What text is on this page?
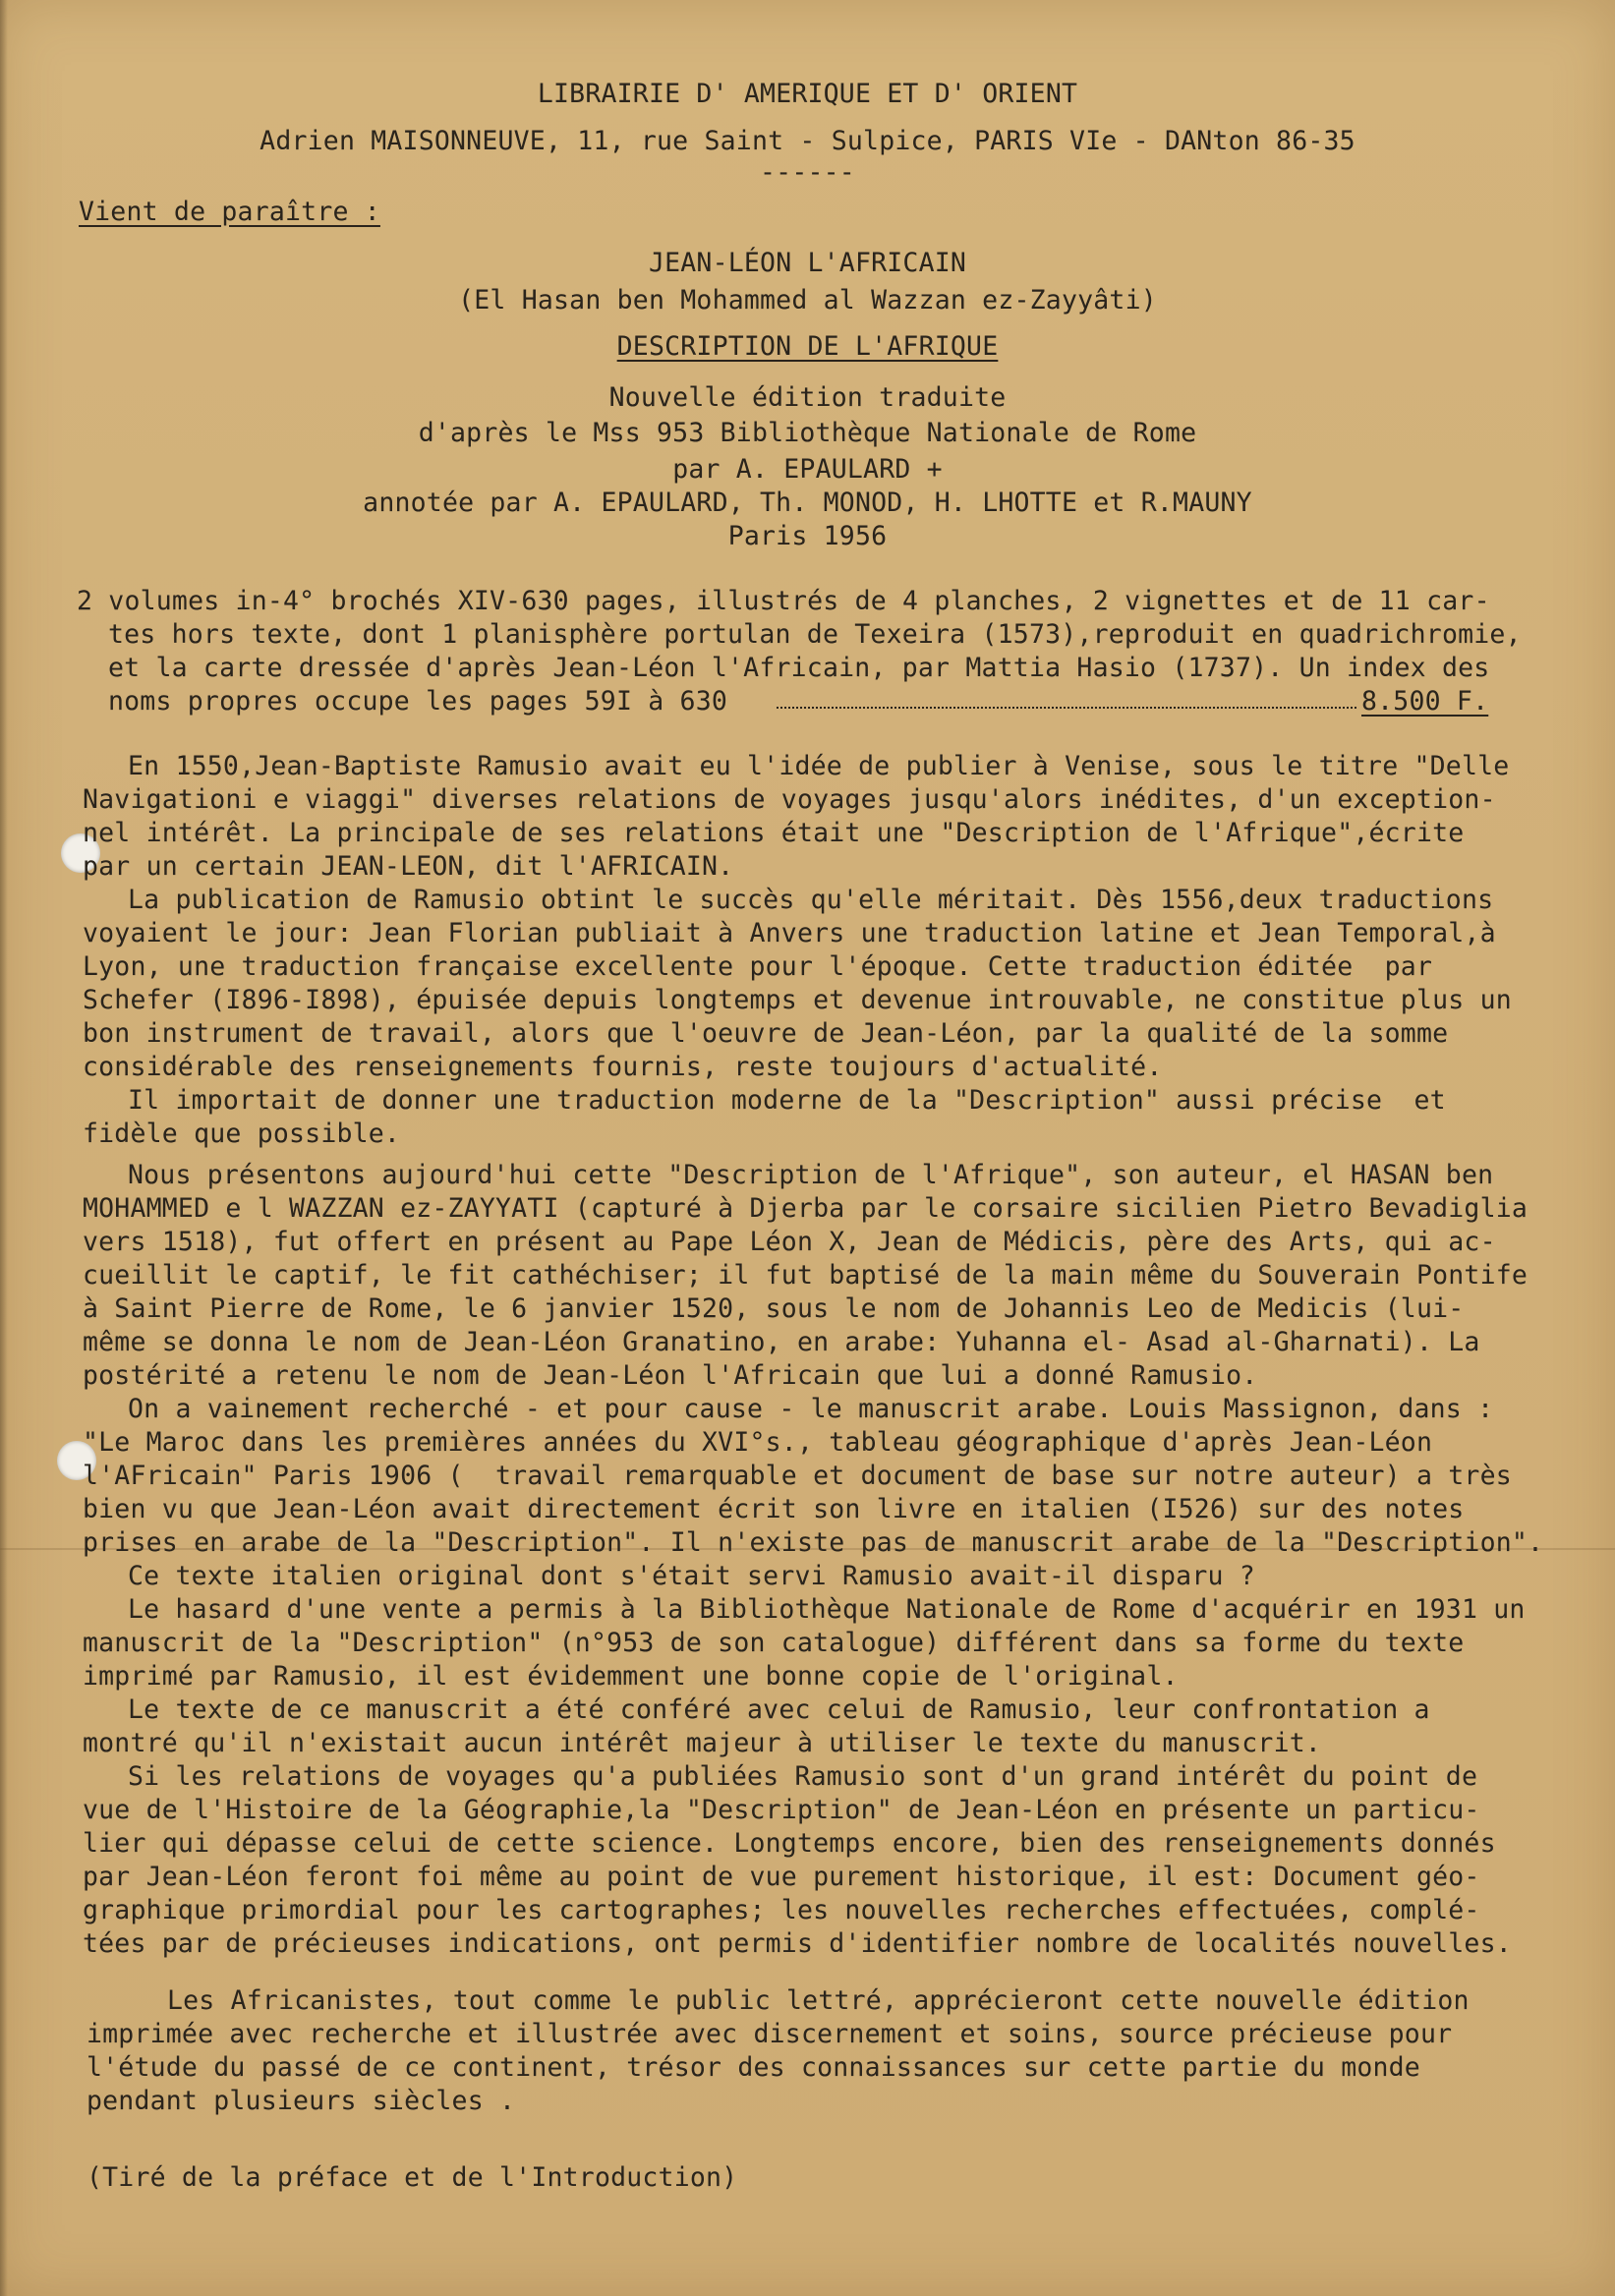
LIBRAIRIE D' AMERIQUE ET D' ORIENT
Adrien MAISONNEUVE, 11, rue Saint - Sulpice, PARIS VIe - DANton 86-35
------
Vient de paraître :
JEAN-LÉON L'AFRICAIN
(El Hasan ben Mohammed al Wazzan ez-Zayyâti)
DESCRIPTION DE L'AFRIQUE
Nouvelle édition traduite
d'après le Mss 953 Bibliothèque Nationale de Rome
par A. EPAULARD +
annotée par A. EPAULARD, Th. MONOD, H. LHOTTE et R.MAUNY
Paris 1956
2 volumes in-4° brochés XIV-630 pages, illustrés de 4 planches, 2 vignettes et de 11 car-
tes hors texte, dont 1 planisphère portulan de Texeira (1573),reproduit en quadrichromie,
et la carte dressée d'après Jean-Léon l'Africain, par Mattia Hasio (1737). Un index des
noms propres occupe les pages 59I à 630	8.500 F.
En 1550,Jean-Baptiste Ramusio avait eu l'idée de publier à Venise, sous le titre "Delle
Navigationi e viaggi" diverses relations de voyages jusqu'alors inédites, d'un exception-
nel intérêt. La principale de ses relations était une "Description de l'Afrique",écrite
par un certain JEAN-LEON, dit l'AFRICAIN.
La publication de Ramusio obtint le succès qu'elle méritait. Dès 1556,deux traductions
voyaient le jour: Jean Florian publiait à Anvers une traduction latine et Jean Temporal,à
Lyon, une traduction française excellente pour l'époque. Cette traduction éditée  par
Schefer (I896-I898), épuisée depuis longtemps et devenue introuvable, ne constitue plus un
bon instrument de travail, alors que l'oeuvre de Jean-Léon, par la qualité de la somme
considérable des renseignements fournis, reste toujours d'actualité.
Il importait de donner une traduction moderne de la "Description" aussi précise  et
fidèle que possible.
Nous présentons aujourd'hui cette "Description de l'Afrique", son auteur, el HASAN ben
MOHAMMED e l WAZZAN ez-ZAYYATI (capturé à Djerba par le corsaire sicilien Pietro Bevadiglia
vers 1518), fut offert en présent au Pape Léon X, Jean de Médicis, père des Arts, qui ac-
cueillit le captif, le fit cathéchiser; il fut baptisé de la main même du Souverain Pontife
à Saint Pierre de Rome, le 6 janvier 1520, sous le nom de Johannis Leo de Medicis (lui-
même se donna le nom de Jean-Léon Granatino, en arabe: Yuhanna el- Asad al-Gharnati). La
postérité a retenu le nom de Jean-Léon l'Africain que lui a donné Ramusio.
On a vainement recherché - et pour cause - le manuscrit arabe. Louis Massignon, dans :
"Le Maroc dans les premières années du XVI°s., tableau géographique d'après Jean-Léon
l'AFricain" Paris 1906 (  travail remarquable et document de base sur notre auteur) a très
bien vu que Jean-Léon avait directement écrit son livre en italien (I526) sur des notes
prises en arabe de la "Description". Il n'existe pas de manuscrit arabe de la "Description".
Ce texte italien original dont s'était servi Ramusio avait-il disparu ?
Le hasard d'une vente a permis à la Bibliothèque Nationale de Rome d'acquérir en 1931 un
manuscrit de la "Description" (n°953 de son catalogue) différent dans sa forme du texte
imprimé par Ramusio, il est évidemment une bonne copie de l'original.
Le texte de ce manuscrit a été conféré avec celui de Ramusio, leur confrontation a
montré qu'il n'existait aucun intérêt majeur à utiliser le texte du manuscrit.
Si les relations de voyages qu'a publiées Ramusio sont d'un grand intérêt du point de
vue de l'Histoire de la Géographie,la "Description" de Jean-Léon en présente un particu-
lier qui dépasse celui de cette science. Longtemps encore, bien des renseignements donnés
par Jean-Léon feront foi même au point de vue purement historique, il est: Document géo-
graphique primordial pour les cartographes; les nouvelles recherches effectuées, complé-
tées par de précieuses indications, ont permis d'identifier nombre de localités nouvelles.
Les Africanistes, tout comme le public lettré, apprécieront cette nouvelle édition
imprimée avec recherche et illustrée avec discernement et soins, source précieuse pour
l'étude du passé de ce continent, trésor des connaissances sur cette partie du monde
pendant plusieurs siècles .
(Tiré de la préface et de l'Introduction)
